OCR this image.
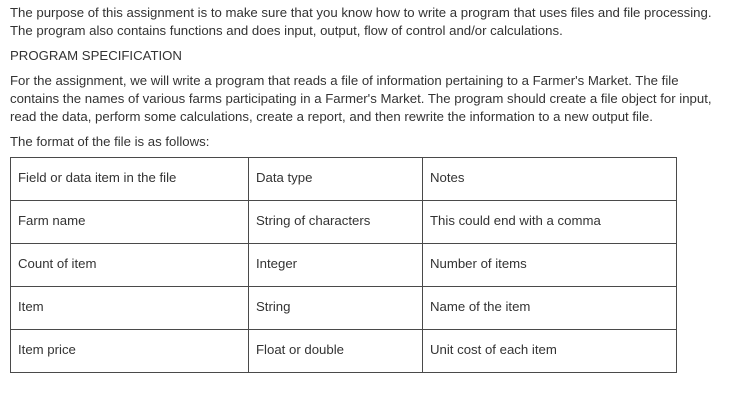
The purpose of this assignment is to make sure that you know how to write a program that uses files and file processing. The program also contains functions and does input, output, flow of control and/or calculations.

PROGRAM SPECIFICATION

For the assignment, we will write a program that reads a file of information pertaining to a Farmer's Market. The file contains the names of various farms participating in a Farmer's Market. The program should create a file object for input, read the data, perform some calculations, create a report, and then rewrite the information to a new output file.

The format of the file is as follows:

Field or data item in the file	Data type	Notes
Farm name	String of characters	This could end with a comma
Count of item	Integer	Number of items
Item	String	Name of the item
Item price	Float or double	Unit cost of each item
